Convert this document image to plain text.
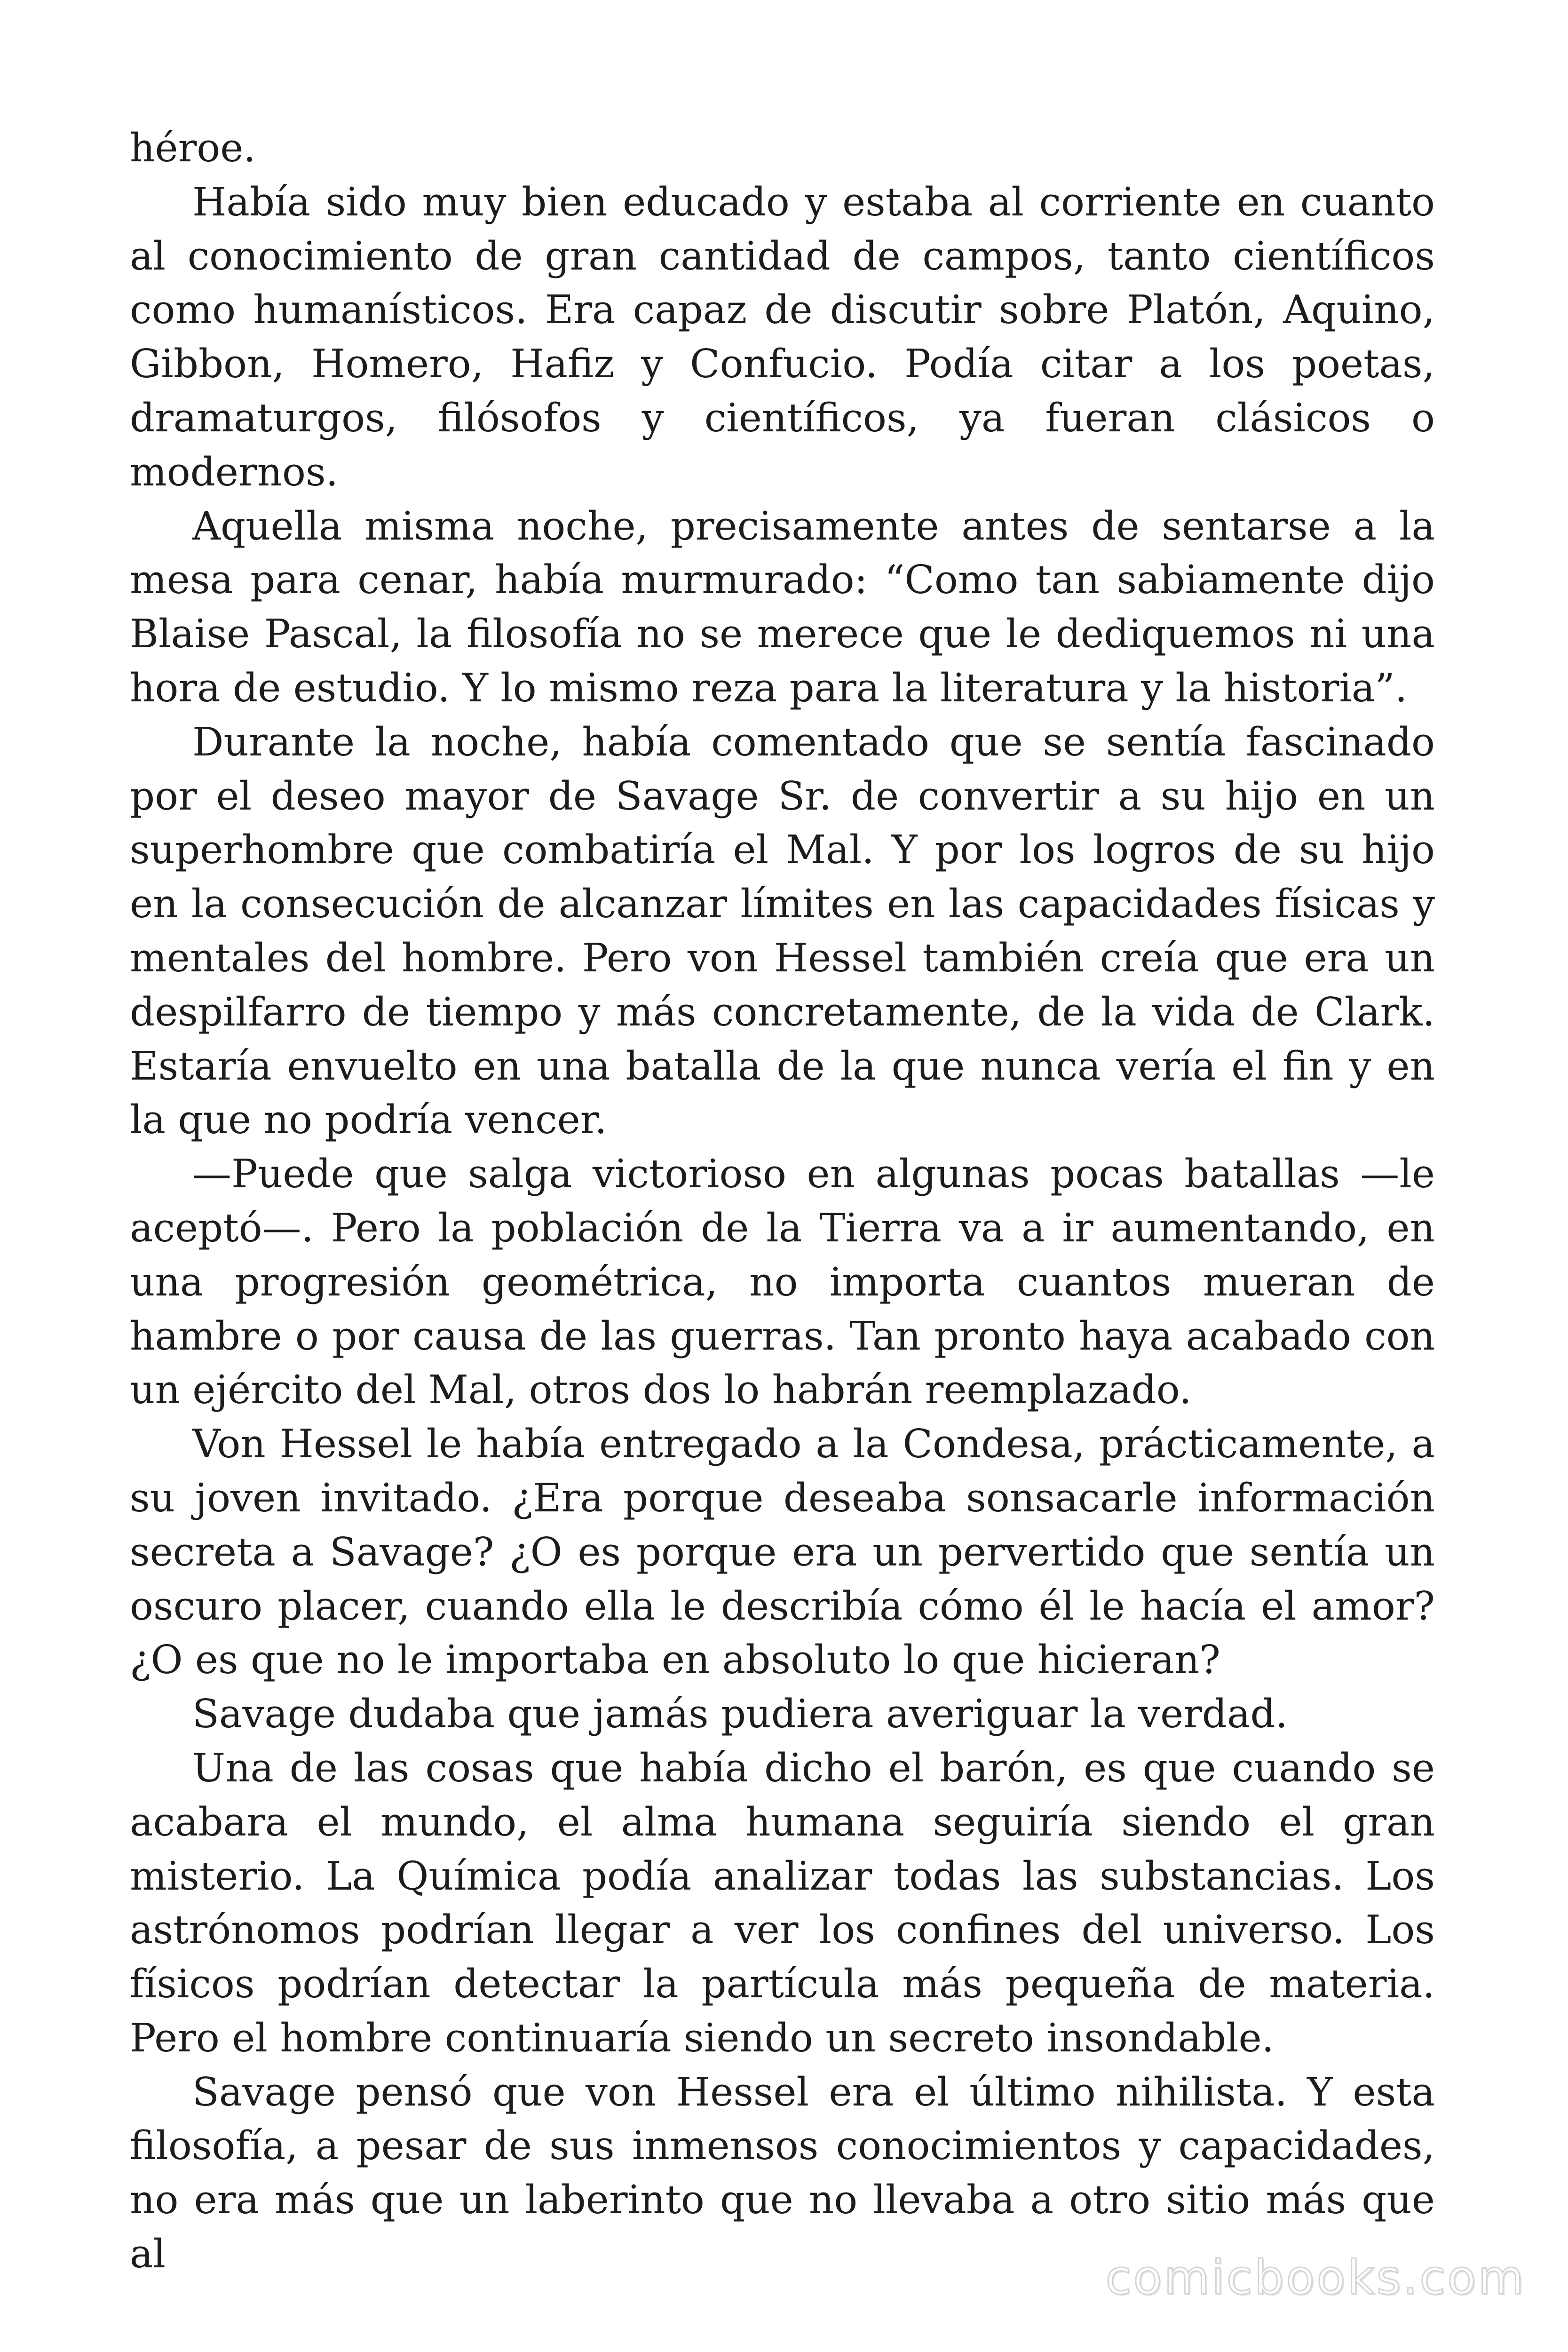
héroe.

Había sido muy bien educado y estaba al corriente en cuanto al conocimiento de gran cantidad de campos, tanto científicos como humanísticos. Era capaz de discutir sobre Platón, Aquino, Gibbon, Homero, Hafiz y Confucio. Podía citar a los poetas, dramaturgos, filósofos y científicos, ya fueran clásicos o modernos.

Aquella misma noche, precisamente antes de sentarse a la mesa para cenar, había murmurado: “Como tan sabiamente dijo Blaise Pascal, la filosofía no se merece que le dediquemos ni una hora de estudio. Y lo mismo reza para la literatura y la historia”.

Durante la noche, había comentado que se sentía fascinado por el deseo mayor de Savage Sr. de convertir a su hijo en un superhombre que combatiría el Mal. Y por los logros de su hijo en la consecución de alcanzar límites en las capacidades físicas y mentales del hombre. Pero von Hessel también creía que era un despilfarro de tiempo y más concretamente, de la vida de Clark. Estaría envuelto en una batalla de la que nunca vería el fin y en la que no podría vencer.

—Puede que salga victorioso en algunas pocas batallas —le aceptó—. Pero la población de la Tierra va a ir aumentando, en una progresión geométrica, no importa cuantos mueran de hambre o por causa de las guerras. Tan pronto haya acabado con un ejército del Mal, otros dos lo habrán reemplazado.

Von Hessel le había entregado a la Condesa, prácticamente, a su joven invitado. ¿Era porque deseaba sonsacarle información secreta a Savage? ¿O es porque era un pervertido que sentía un oscuro placer, cuando ella le describía cómo él le hacía el amor? ¿O es que no le importaba en absoluto lo que hicieran?

Savage dudaba que jamás pudiera averiguar la verdad.

Una de las cosas que había dicho el barón, es que cuando se acabara el mundo, el alma humana seguiría siendo el gran misterio. La Química podía analizar todas las substancias. Los astrónomos podrían llegar a ver los confines del universo. Los físicos podrían detectar la partícula más pequeña de materia. Pero el hombre continuaría siendo un secreto insondable.

Savage pensó que von Hessel era el último nihilista. Y esta filosofía, a pesar de sus inmensos conocimientos y capacidades, no era más que un laberinto que no llevaba a otro sitio más que al	comicbooks.com
